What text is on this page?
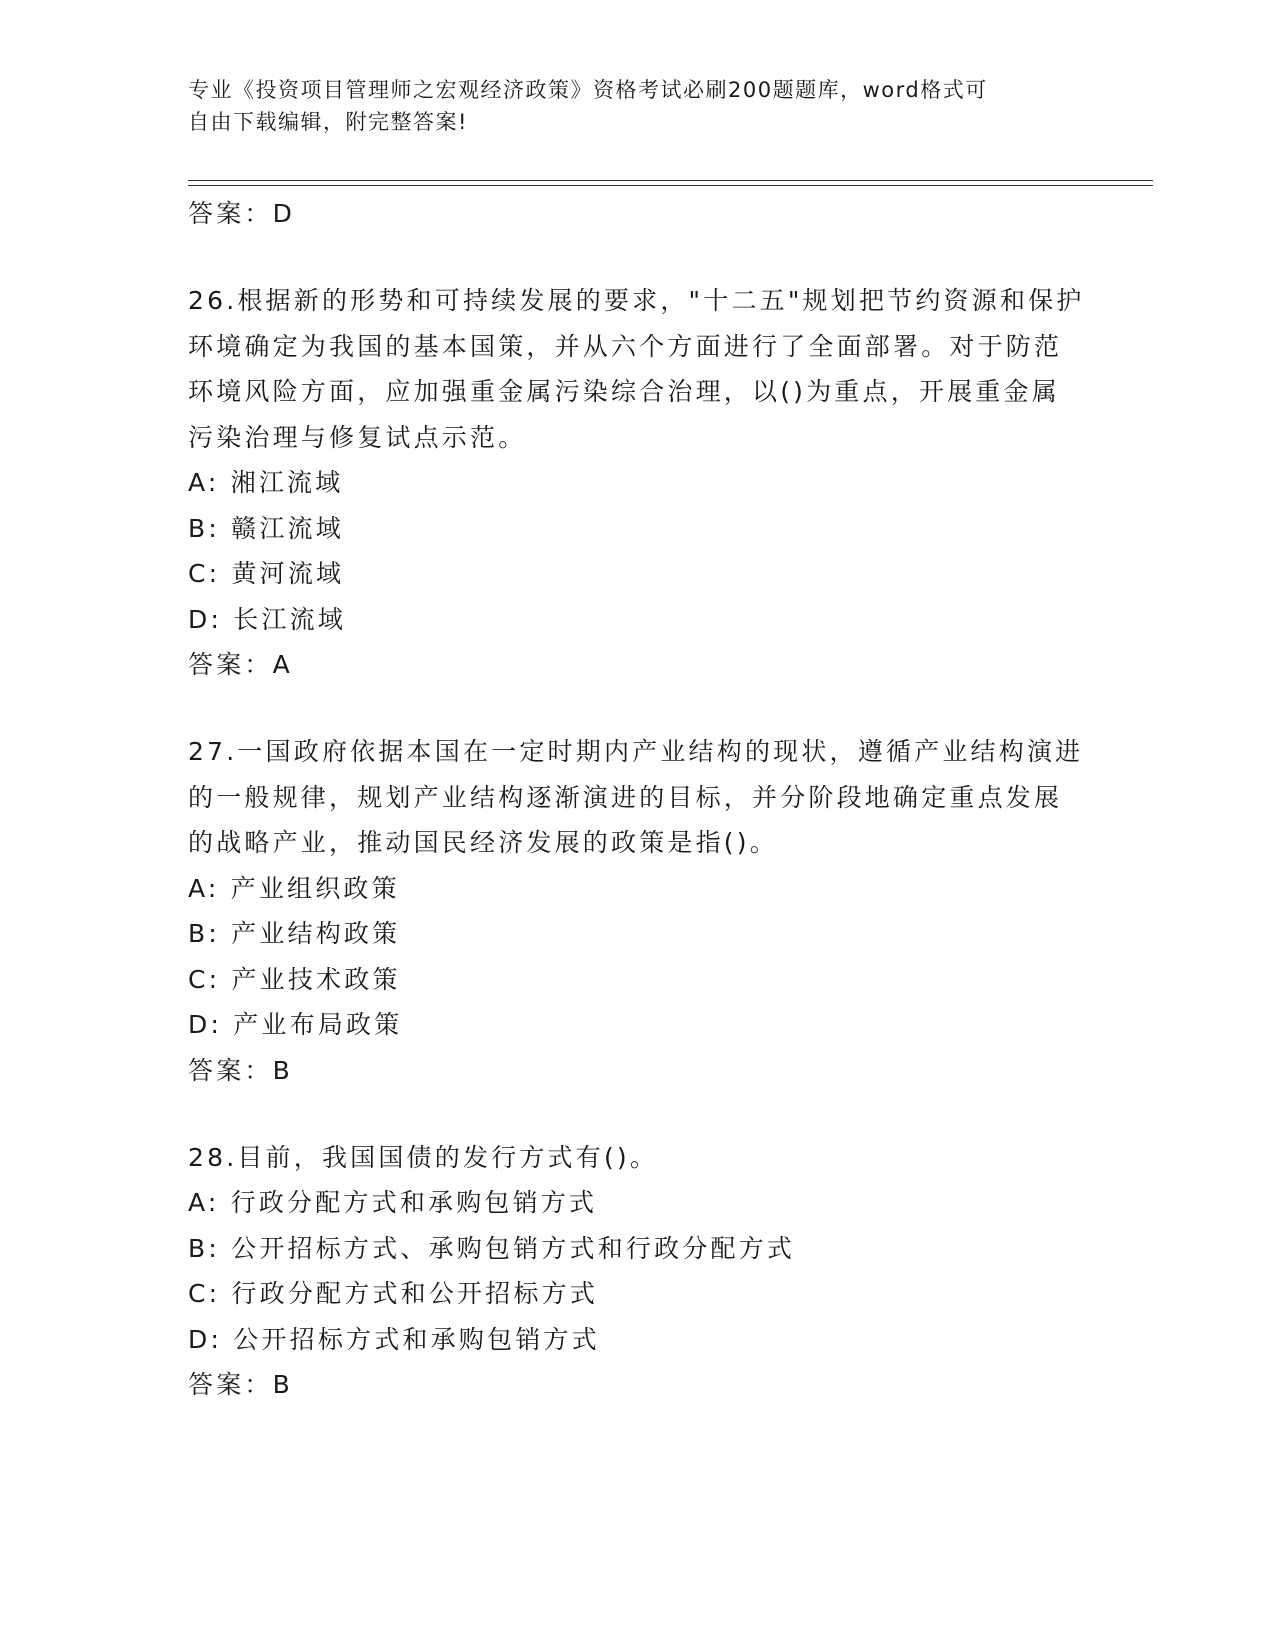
专业《投资项目管理师之宏观经济政策》资格考试必刷200题题库，word格式可
自由下载编辑，附完整答案!
答案：D
26.根据新的形势和可持续发展的要求，"十二五"规划把节约资源和保护环境确定为我国的基本国策，并从六个方面进行了全面部署。对于防范环境风险方面，应加强重金属污染综合治理，以()为重点，开展重金属污染治理与修复试点示范。
A: 湘江流域
B: 赣江流域
C: 黄河流域
D: 长江流域
答案：A
27.一国政府依据本国在一定时期内产业结构的现状，遵循产业结构演进的一般规律，规划产业结构逐渐演进的目标，并分阶段地确定重点发展的战略产业，推动国民经济发展的政策是指()。
A: 产业组织政策
B: 产业结构政策
C: 产业技术政策
D: 产业布局政策
答案：B
28.目前，我国国债的发行方式有()。
A: 行政分配方式和承购包销方式
B: 公开招标方式、承购包销方式和行政分配方式
C: 行政分配方式和公开招标方式
D: 公开招标方式和承购包销方式
答案：B
